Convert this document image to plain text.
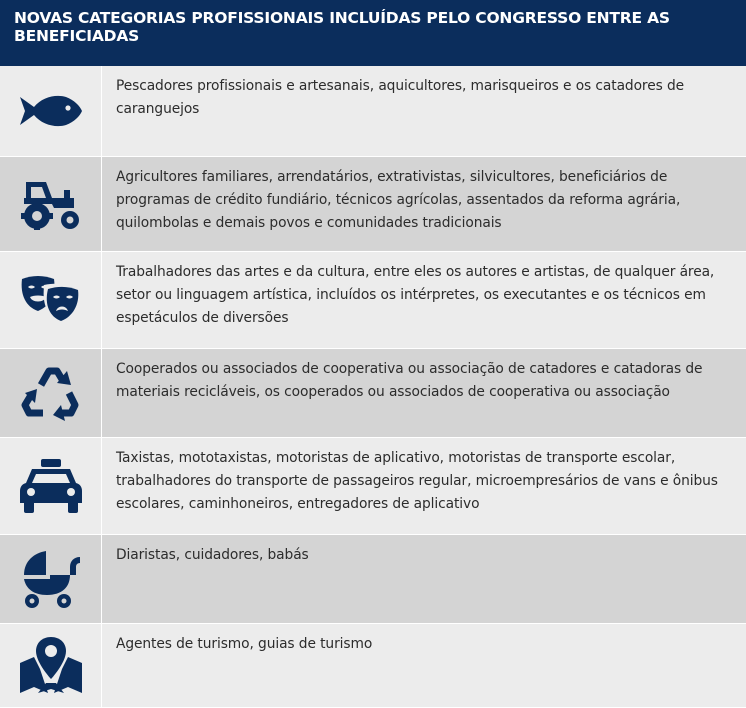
NOVAS CATEGORIAS PROFISSIONAIS INCLUÍDAS PELO CONGRESSO ENTRE AS
BENEFICIADAS

Pescadores profissionais e artesanais, aquicultores, marisqueiros e os catadores de
caranguejos

Agricultores familiares, arrendatários, extrativistas, silvicultores, beneficiários de
programas de crédito fundiário, técnicos agrícolas, assentados da reforma agrária,
quilombolas e demais povos e comunidades tradicionais

Trabalhadores das artes e da cultura, entre eles os autores e artistas, de qualquer área,
setor ou linguagem artística, incluídos os intérpretes, os executantes e os técnicos em
espetáculos de diversões

Cooperados ou associados de cooperativa ou associação de catadores e catadoras de
materiais recicláveis, os cooperados ou associados de cooperativa ou associação

Taxistas, mototaxistas, motoristas de aplicativo, motoristas de transporte escolar,
trabalhadores do transporte de passageiros regular, microempresários de vans e ônibus
escolares, caminhoneiros, entregadores de aplicativo

Diaristas, cuidadores, babás

Agentes de turismo, guias de turismo
